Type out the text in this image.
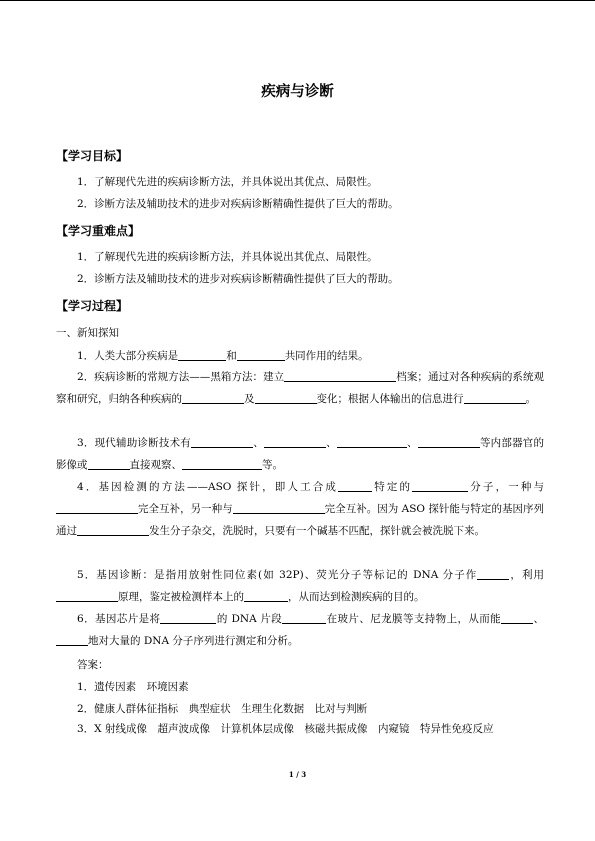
疾病与诊断
【学习目标】
1．了解现代先进的疾病诊断方法，并具体说出其优点、局限性。
2．诊断方法及辅助技术的进步对疾病诊断精确性提供了巨大的帮助。
【学习重难点】
1．了解现代先进的疾病诊断方法，并具体说出其优点、局限性。
2．诊断方法及辅助技术的进步对疾病诊断精确性提供了巨大的帮助。
【学习过程】
一、新知探知
1．人类大部分疾病是	和	共同作用的结果。
2．疾病诊断的常规方法——黑箱方法：建立	档案；通过对各种疾病的系统观察和研究，归纳各种疾病的	及	变化；根据人体输出的信息进行	。
3．现代辅助诊断技术有	、	、	、	等内部器官的影像或	直接观察、	等。
4．基因检测的方法——ASO 探针，即人工合成	特定的	分子，一种与完全互补，另一种与	完全互补。因为 ASO 探针能与特定的基因序列通过	发生分子杂交，洗脱时，只要有一个碱基不匹配，探针就会被洗脱下来。
5．基因诊断：是指用放射性同位素(如 32P)、荧光分子等标记的 DNA 分子作	，利用原理，鉴定被检测样本上的	，从而达到检测疾病的目的。
6．基因芯片是将	的 DNA 片段	在玻片、尼龙膜等支持物上，从而能	、地对大量的 DNA 分子序列进行测定和分析。
答案：
1．遗传因素　环境因素
2．健康人群体征指标　典型症状　生理生化数据　比对与判断
3．X 射线成像　超声波成像　计算机体层成像　核磁共振成像　内窥镜　特异性免疫反应
1 / 3
